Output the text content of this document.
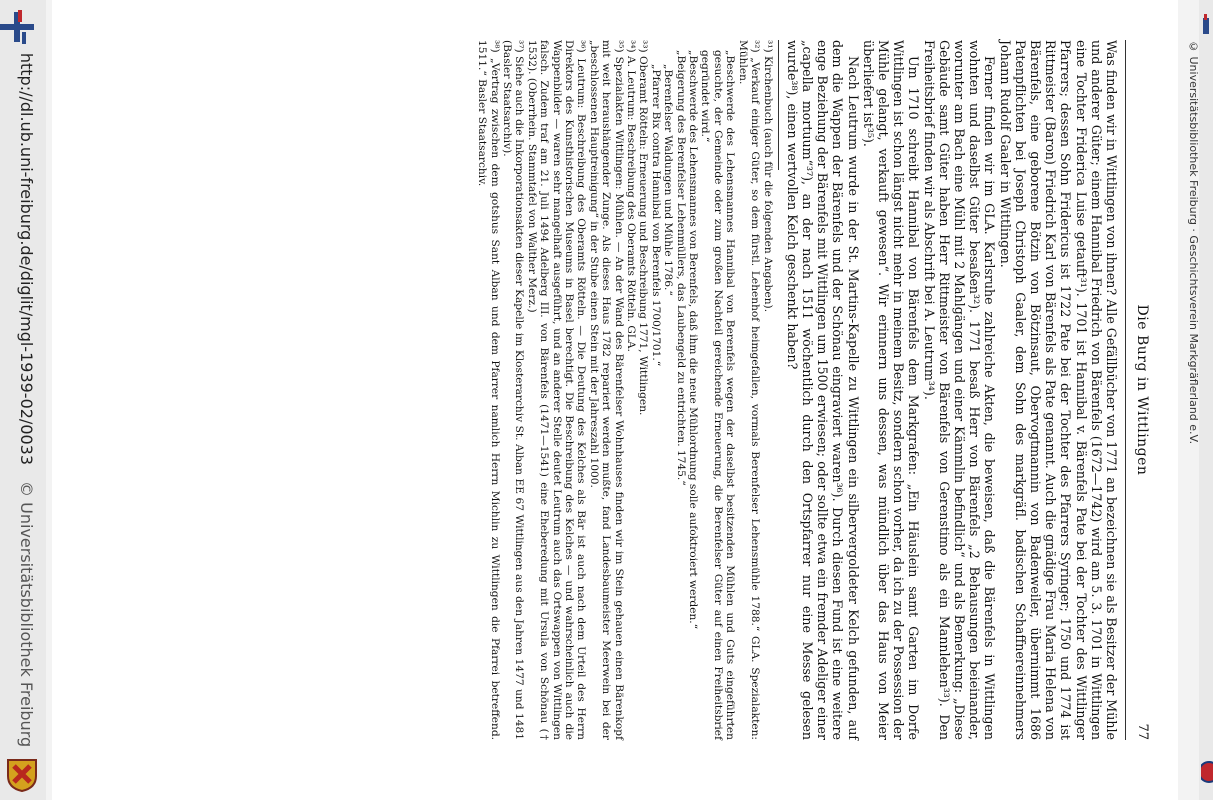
http://dl.ub.uni-freiburg.de/diglit/mgl-1939-02/0033
© Universitätsbibliothek Freiburg
© Universitätsbibliothek Freiburg · Geschichtsverein Markgräflerland e.V.
Die Burg in Wittlingen
77

Was finden wir in Wittlingen von ihnen? Alle Gefällbücher von 1771 an bezeichnen sie als Besitzer der Mühle und anderer Güter; einem Hannibal Friedrich von Bärenfels (1672—1742) wird am 5. 3. 1701 in Wittlingen eine Tochter Friderica Luise getauft³¹). 1701 ist Hannibal v. Bärenfels Pate bei der Tochter des Wittlinger Pfarrers; dessen Sohn Fridericus ist 1722 Pate bei der Tochter des Pfarrers Syringer; 1750 und 1774 ist Rittmeister (Baron) Friedrich Karl von Bärenfels als Pate genannt. Auch die gnädige Frau Maria Helena von Bärenfels, eine geborene Bötzin von Bötzinsaut, Obervogtmannin von Badenweiler, übernimmt 1686 Patenpflichten bei Joseph Christoph Gaaler, dem Sohn des markgräfl. badischen Schaffnereinnehmers Johann Rudolf Gaaler in Wittlingen.

Ferner finden wir im GLA. Karlsruhe zahlreiche Akten, die beweisen, daß die Bärenfels in Wittlingen wohnten und daselbst Güter besaßen³²). 1771 besaß Herr von Bärenfels „2 Behausungen beieinander, worunter am Bach eine Mühl mit 2 Mahlgängen und einer Kämmlin befindlich“ und als Bemerkung: „Diese Gebäude samt Güter haben Herr Rittmeister von Bärenfels von Gerenstimo als ein Mannlehen³³). Den Freiheitsbrief finden wir als Abschrift bei A. Leutrum³⁴).

Um 1710 schreibt Hannibal von Bärenfels dem Markgrafen: „Ein Häuslein samt Garten im Dorfe Wittlingen ist schon längst nicht mehr in meinem Besitz, sondern schon vorher, da ich zu der Possession der Mühle gelangt, verkauft gewesen“. Wir erinnern uns dessen, was mündlich über das Haus von Meier überliefert ist³⁵).

Nach Leutrum wurde in der St. Martins-Kapelle zu Wittlingen ein silbervergoldeter Kelch gefunden, auf dem die Wappen der Bärenfels und der Schönau eingraviert waren³⁶). Durch diesen Fund ist eine weitere enge Beziehung der Bärenfels mit Wittlingen um 1500 erwiesen; oder sollte etwa ein fremder Adeliger einer „capella mortuum“³⁷), an der nach 1511 wöchentlich durch den Ortspfarrer nur eine Messe gelesen wurde³⁸), einen wertvollen Kelch geschenkt haben?

³¹) Kirchenbuch (auch für die folgenden Angaben).

³²) „Verkauf einiger Güter, so dem fürstl. Lehenhof heimgefallen, vormals Berenfelser Lehensmühle 1788.“ GLA. Spezialakten: Mühlen.

„Beschwerde des Lehensmannes Hannibal von Berenfels wegen der daselbst besitzenden Mühlen und Guts eingeführten gesuchte, der Gemeinde oder zum großen Nachteil gereichende Erneuerung, die Berenfelser Güter auf einen Freiheitsbrief gegründet wird.“

„Beschwerde des Lehensmannes von Berenfels, daß ihm die neue Mühlordnung solle aufoktroiert werden.“

„Beigerung des Berenfelser Lehenmüllers, das Laubengeld zu entrichten. 1745.“

„Berenfelser Waldungen und Mühle 1786.“

„Pfarrer Bix contra Hannibal von Berenfels 1700/1701.“

³³) Oberamt Rötteln: Erneuerung und Beschreibung 1771, Wittlingen.

³⁴) A. Leutrum: Beschreibung des Oberamts Rötteln. GLA.

³⁵) Spezialakten Wittlingen: Mühlen. — An der Wand des Bärenfelser Wohnhauses finden wir im Stein gehauen einen Bärenkopf mit weit heraushängender Zunge. Als dieses Haus 1782 repariert werden mußte, fand Landesbaumeister Meerwein bei der „beschlossenen Hauptreinigung“ in der Stube einen Stein mit der Jahreszahl 1000.

³⁶) Leutrum: Beschreibung des Oberamts Rötteln. — Die Deutung des Kelches als Bär ist auch nach dem Urteil des Herrn Direktors des Kunsthistorischen Museums in Basel berechtigt. Die Beschreibung des Kelches — und wahrscheinlich auch die Wappenbilder — waren sehr mangelhaft ausgeführt, und an anderer Stelle deutet Leutrum auch das Ortswappen von Wittlingen falsch. Zudem traf am 21. Juli 1494 Adelberg III. von Bärenfels (1471—1541) eine Eheberedung mit Ursula von Schönau († 1532). (Oberrhein. Stammtafel von Walther Merz.)

³⁷) Siehe auch die Inkorporationsakten dieser Kapelle im Klosterarchiv St. Alban EE 67 Wittlingen aus den Jahren 1477 und 1481 (Basler Staatsarchiv).

³⁸) „Vertrag zwischen dem gotshus Sant Alban und dem Pfarrer namlich Herrn Michlin zu Wittlingen die Pfarrei betreffend. 1511.“ Basler Staatsarchiv.
